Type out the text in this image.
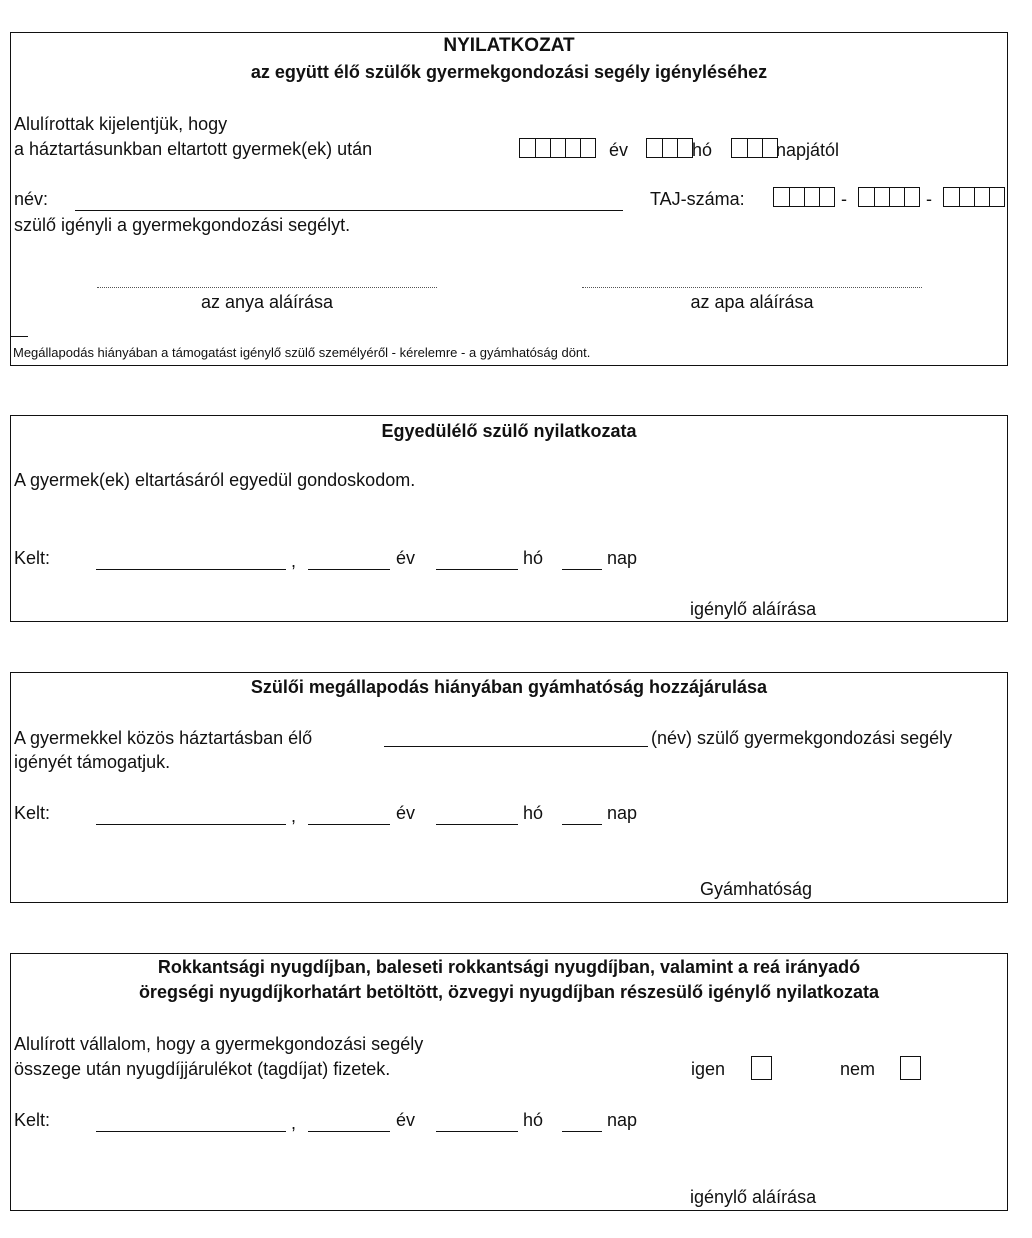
NYILATKOZAT
az együtt élő szülők gyermekgondozási segély igényléséhez
Alulírottak kijelentjük, hogy
a háztartásunkban eltartott gyermek(ek) után	év	hó	napjától
név:	TAJ-száma:	-	-
szülő igényli a gyermekgondozási segélyt.
az anya aláírása	az apa aláírása
Megállapodás hiányában a támogatást igénylő szülő személyéről - kérelemre - a gyámhatóság dönt.
Egyedülélő szülő nyilatkozata
A gyermek(ek) eltartásáról egyedül gondoskodom.
Kelt:	,	év	hó	nap
igénylő aláírása
Szülői megállapodás hiányában gyámhatóság hozzájárulása
A gyermekkel közös háztartásban élő	(név) szülő gyermekgondozási segély
igényét támogatjuk.
Kelt:	,	év	hó	nap
Gyámhatóság
Rokkantsági nyugdíjban, baleseti rokkantsági nyugdíjban, valamint a reá irányadó
öregségi nyugdíjkorhatárt betöltött, özvegyi nyugdíjban részesülő igénylő nyilatkozata
Alulírott vállalom, hogy a gyermekgondozási segély
összege után nyugdíjjárulékot (tagdíjat) fizetek.	igen	nem
Kelt:	,	év	hó	nap
igénylő aláírása
